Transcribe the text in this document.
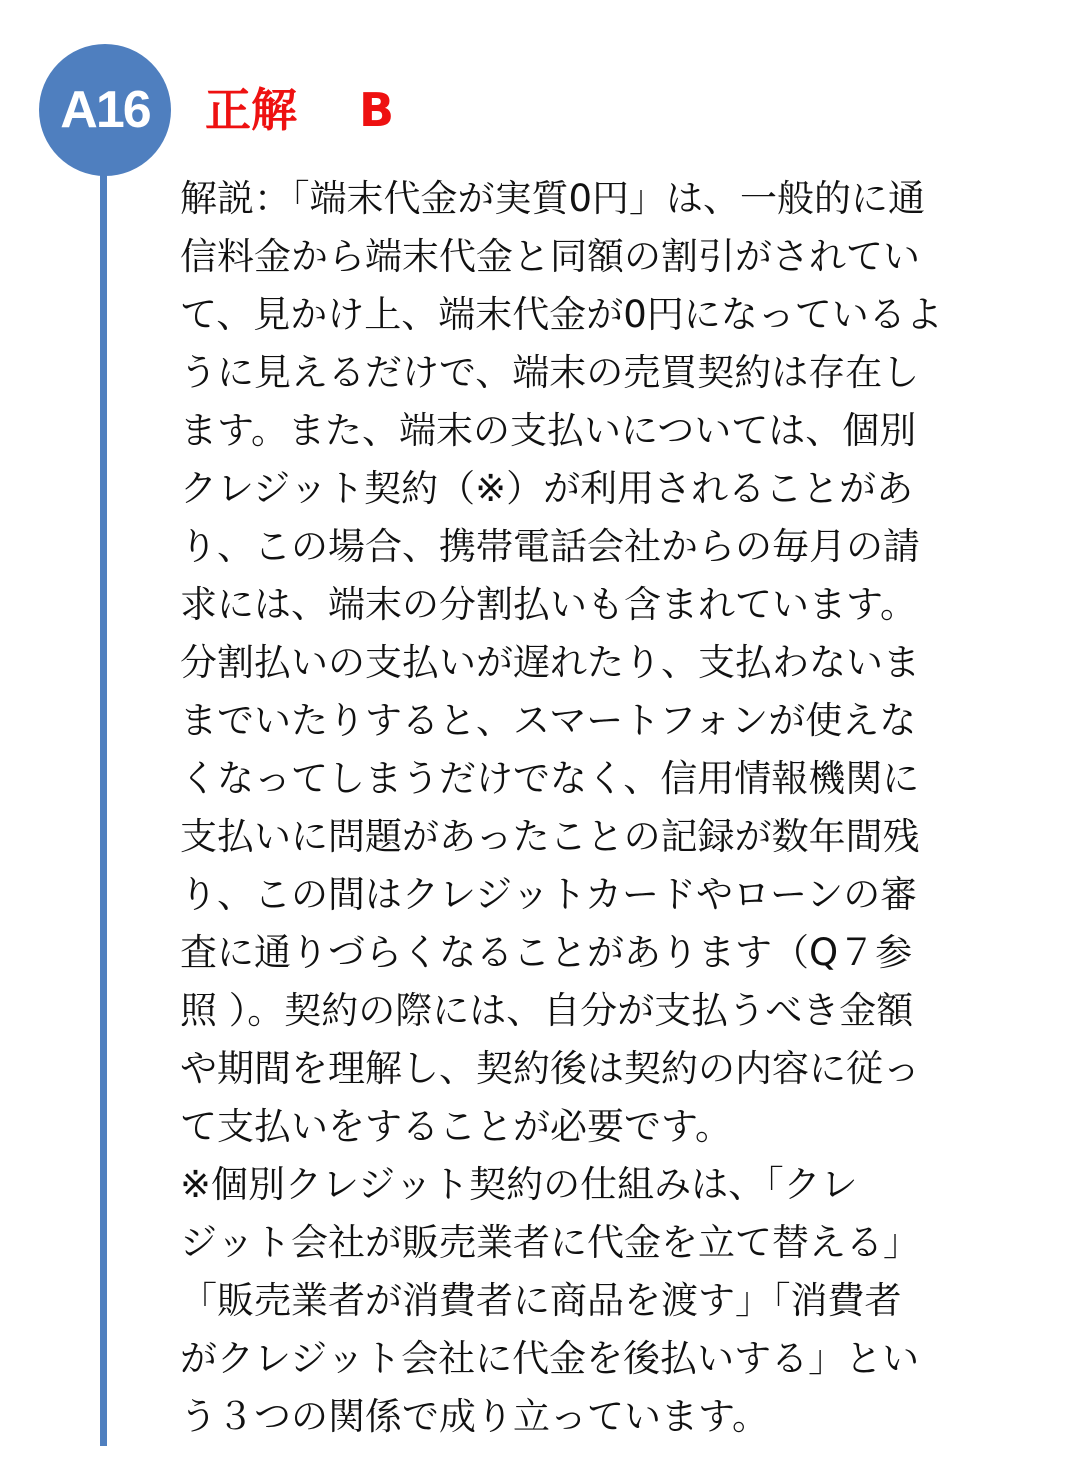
A16 正解　 B
解説：「端末代金が実質0円」は、一般的に通
信料金から端末代金と同額の割引がされてい
て、見かけ上、端末代金が0円になっているよ
うに見えるだけで、端末の売買契約は存在し
ます。また、端末の支払いについては、個別
クレジット契約（※）が利用されることがあ
り、この場合、携帯電話会社からの毎月の請
求には、端末の分割払いも含まれています。
分割払いの支払いが遅れたり、支払わないま
までいたりすると、スマートフォンが使えな
くなってしまうだけでなく、信用情報機関に
支払いに問題があったことの記録が数年間残
り、この間はクレジットカードやローンの審
査に通りづらくなることがあります（Q７参
照 ）。契約の際には、自分が支払うべき金額
や期間を理解し、契約後は契約の内容に従っ
て支払いをすることが必要です。
※個別クレジット契約の仕組みは、「クレ
ジット会社が販売業者に代金を立て替える」
「販売業者が消費者に商品を渡す」「消費者
がクレジット会社に代金を後払いする」とい
う３つの関係で成り立っています。
